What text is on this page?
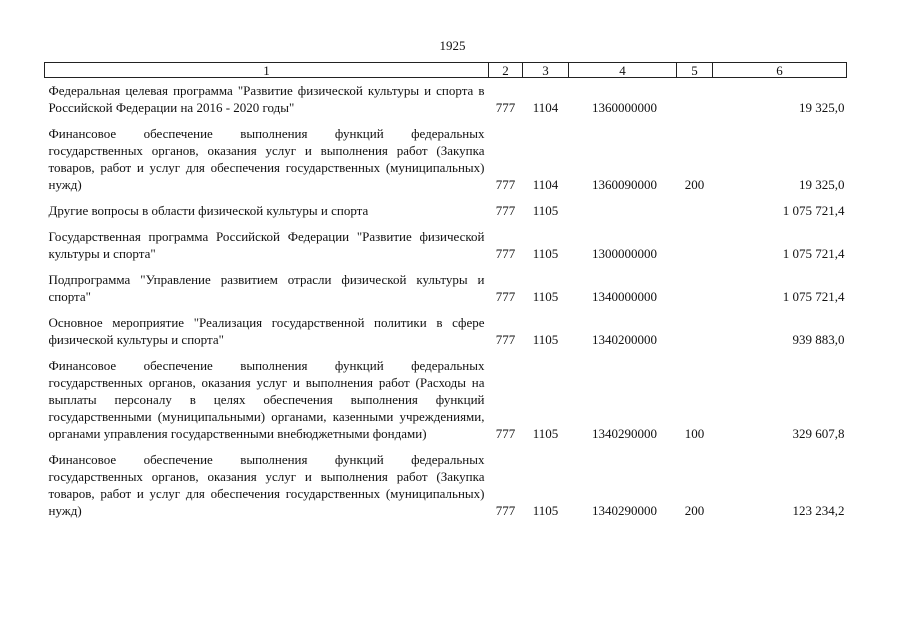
1925
1	2	3	4	5	6

Федеральная целевая программа "Развитие физической культуры и спорта в Российской Федерации на 2016 - 2020 годы"	777	1104	1360000000		19 325,0

Финансовое обеспечение выполнения функций федеральных государственных органов, оказания услуг и выполнения работ (Закупка товаров, работ и услуг для обеспечения государственных (муниципальных) нужд)	777	1104	1360090000	200	19 325,0

Другие вопросы в области физической культуры и спорта	777	1105			1 075 721,4

Государственная программа Российской Федерации "Развитие физической культуры и спорта"	777	1105	1300000000		1 075 721,4

Подпрограмма "Управление развитием отрасли физической культуры и спорта"	777	1105	1340000000		1 075 721,4

Основное мероприятие "Реализация государственной политики в сфере физической культуры и спорта"	777	1105	1340200000		939 883,0

Финансовое обеспечение выполнения функций федеральных государственных органов, оказания услуг и выполнения работ (Расходы на выплаты персоналу в целях обеспечения выполнения функций государственными (муниципальными) органами, казенными учреждениями, органами управления государственными внебюджетными фондами)	777	1105	1340290000	100	329 607,8

Финансовое обеспечение выполнения функций федеральных государственных органов, оказания услуг и выполнения работ (Закупка товаров, работ и услуг для обеспечения государственных (муниципальных) нужд)	777	1105	1340290000	200	123 234,2
